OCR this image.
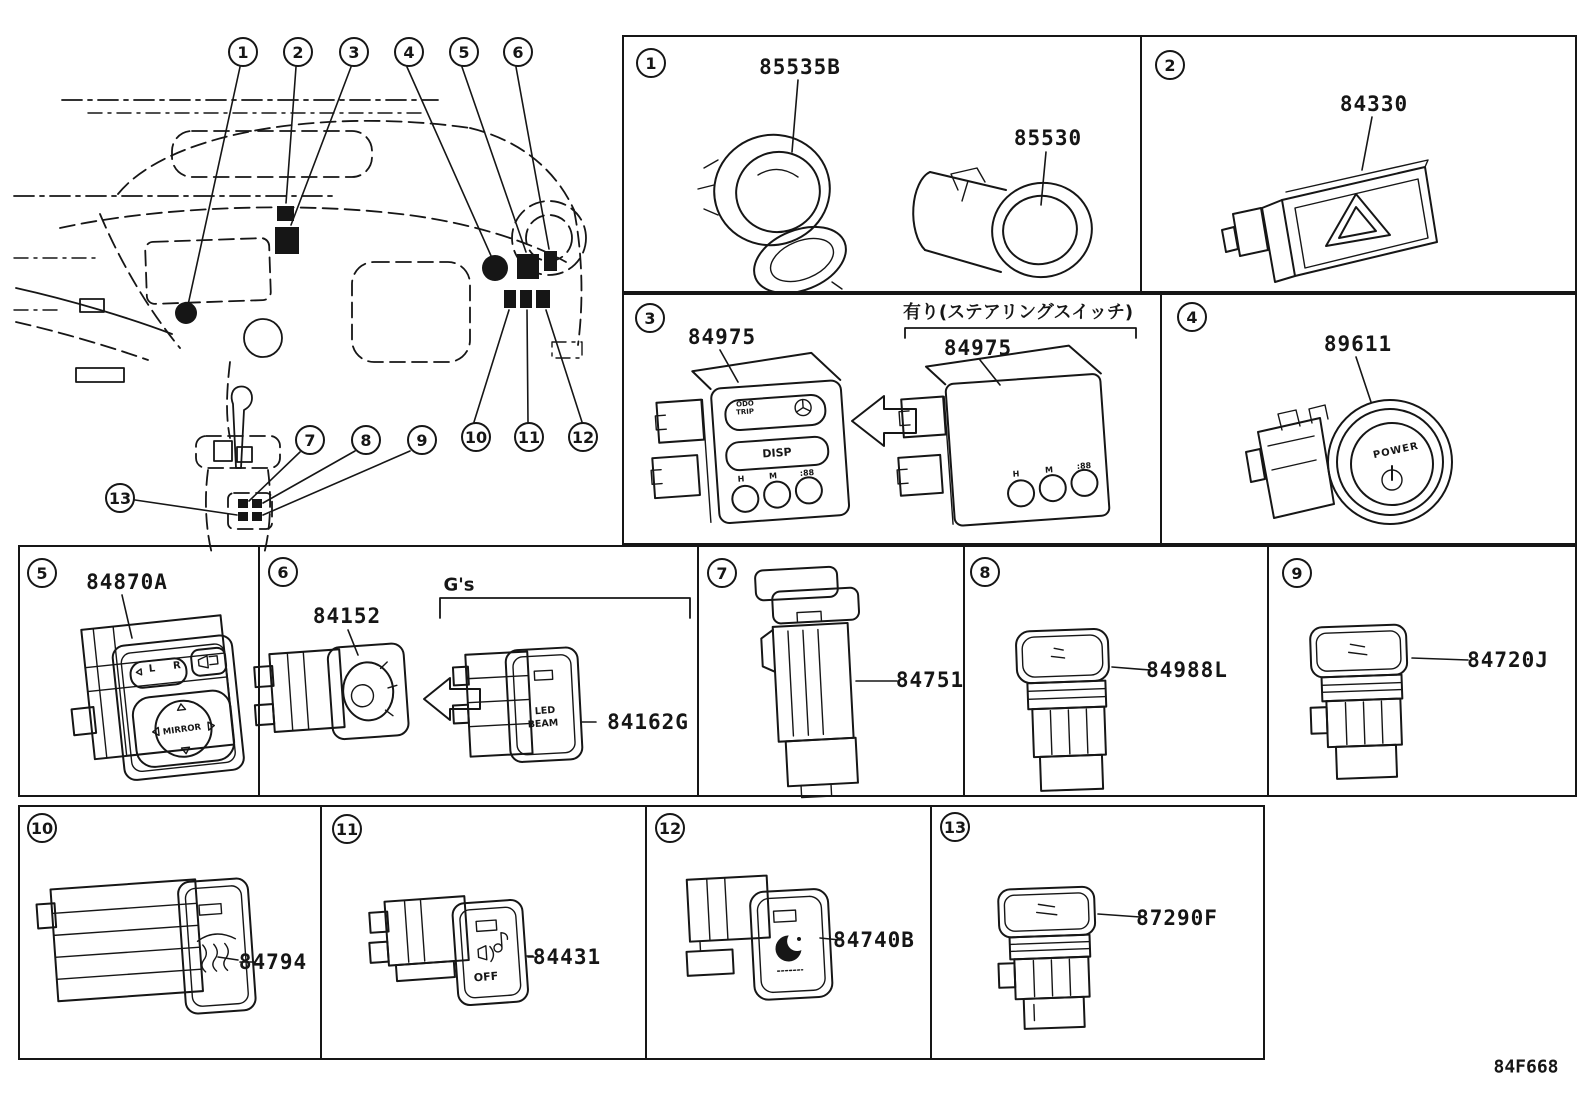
1	2	3	4	5	6
7	8	9	10 11 12
13
1	2
3	4
5	6	7	8	9
10	11	12	13
85535B
85530
84330
84975
有り(ステアリングスイッチ)
84975	89611
84870A
84152
G's
84162G
84751	84988L	84720J
84794	84431
84740B
87290F
ODO
TRIP
DISP
H	M	:88	H	M	:88
POWER
L R
MIRROR
LED
BEAM
OFF
84F668
